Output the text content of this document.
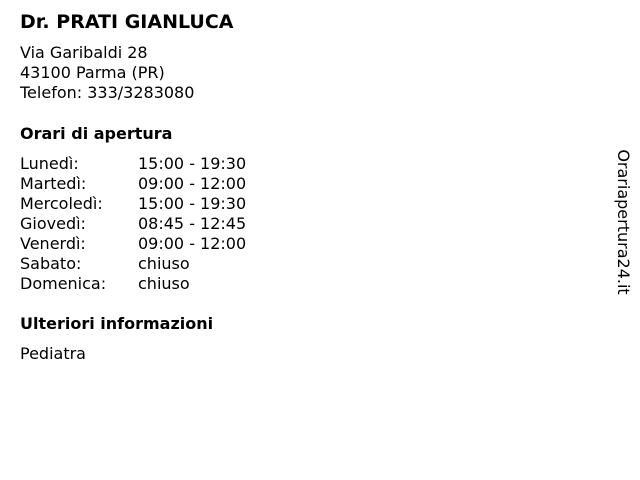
Dr. PRATI GIANLUCA
Via Garibaldi 28
43100 Parma (PR)
Telefon: 333/3283080
Orari di apertura
Lunedì:	15:00 - 19:30
Martedì:	09:00 - 12:00
Mercoledì:	15:00 - 19:30
Giovedì:	08:45 - 12:45
Venerdì:	09:00 - 12:00
Sabato:	chiuso
Domenica:	chiuso
Ulteriori informazioni
Pediatra
Orariapertura24.it
